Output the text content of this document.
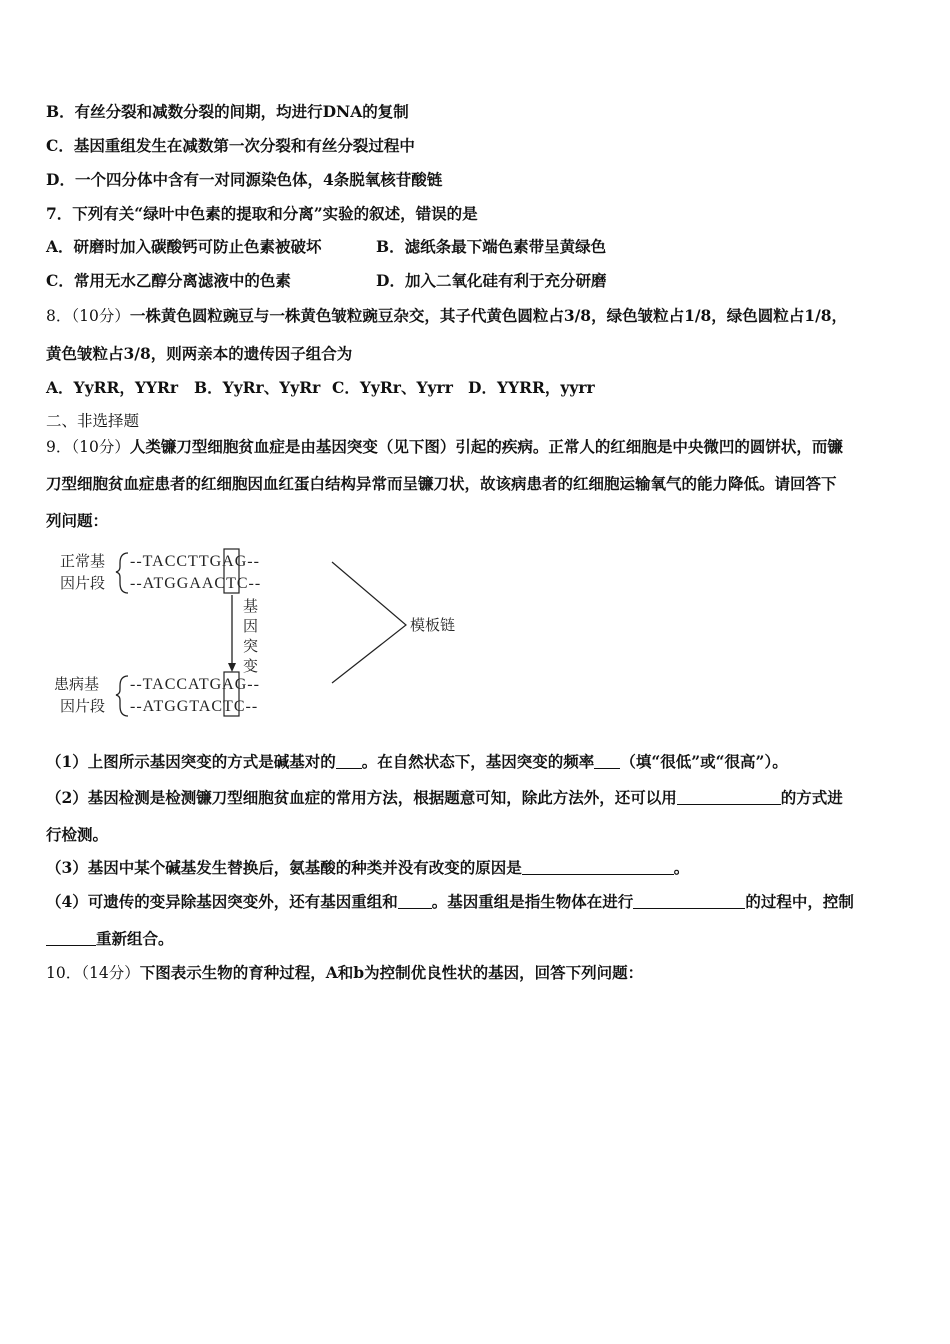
B．有丝分裂和减数分裂的间期，均进行DNA的复制
C．基因重组发生在减数第一次分裂和有丝分裂过程中
D．一个四分体中含有一对同源染色体，4条脱氧核苷酸链
7．下列有关“绿叶中色素的提取和分离”实验的叙述，错误的是
A．研磨时加入碳酸钙可防止色素被破坏	B．滤纸条最下端色素带呈黄绿色
C．常用无水乙醇分离滤液中的色素	D．加入二氧化硅有利于充分研磨
8．（10分）一株黄色圆粒豌豆与一株黄色皱粒豌豆杂交，其子代黄色圆粒占3/8，绿色皱粒占1/8，绿色圆粒占1/8，
黄色皱粒占3/8，则两亲本的遗传因子组合为
A．YyRR，YYRr B．YyRr、YyRr C．YyRr、Yyrr D．YYRR，yyrr
二、非选择题
9．（10分）人类镰刀型细胞贫血症是由基因突变（见下图）引起的疾病。正常人的红细胞是中央微凹的圆饼状，而镰
刀型细胞贫血症患者的红细胞因血红蛋白结构异常而呈镰刀状，故该病患者的红细胞运输氧气的能力降低。请回答下
列问题：
正常基
因片段
--TACCTTGAG--
--ATGGAACTC--
基
因
突
变
模板链
患病基
因片段
--TACCATGAG--
--ATGGTACTC--
（1）上图所示基因突变的方式是碱基对的 。在自然状态下，基因突变的频率 （填“很低”或“很高”）。
（2）基因检测是检测镰刀型细胞贫血症的常用方法，根据题意可知，除此方法外，还可以用	的方式进
行检测。
（3）基因中某个碱基发生替换后，氨基酸的种类并没有改变的原因是	。
（4）可遗传的变异除基因突变外，还有基因重组和 。基因重组是指生物体在进行	的过程中，控制
重新组合。
10．（14分）下图表示生物的育种过程，A和b为控制优良性状的基因，回答下列问题：
